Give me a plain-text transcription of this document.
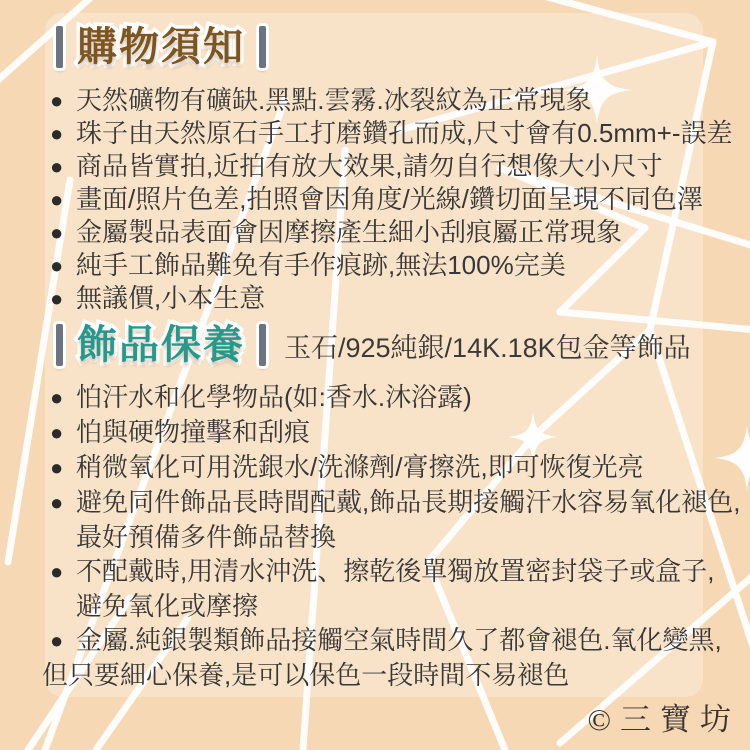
購物須知
● 天然礦物有礦缺.黑點.雲霧.冰裂紋為正常現象
● 珠子由天然原石手工打磨鑽孔而成,尺寸會有0.5mm+-誤差
● 商品皆實拍,近拍有放大效果,請勿自行想像大小尺寸
● 畫面/照片色差,拍照會因角度/光線/鑽切面呈現不同色澤
● 金屬製品表面會因摩擦產生細小刮痕屬正常現象
● 純手工飾品難免有手作痕跡,無法100%完美
● 無議價,小本生意
飾品保養 玉石/925純銀/14K.18K包金等飾品
● 怕汗水和化學物品(如:香水.沐浴露)
● 怕與硬物撞擊和刮痕
● 稍微氧化可用洗銀水/洗滌劑/膏擦洗,即可恢復光亮
● 避免同件飾品長時間配戴,飾品長期接觸汗水容易氧化褪色,
最好預備多件飾品替換
● 不配戴時,用清水沖洗、擦乾後單獨放置密封袋子或盒子,
避免氧化或摩擦
● 金屬.純銀製類飾品接觸空氣時間久了都會褪色.氧化變黑,
但只要細心保養,是可以保色一段時間不易褪色
©三寶坊
